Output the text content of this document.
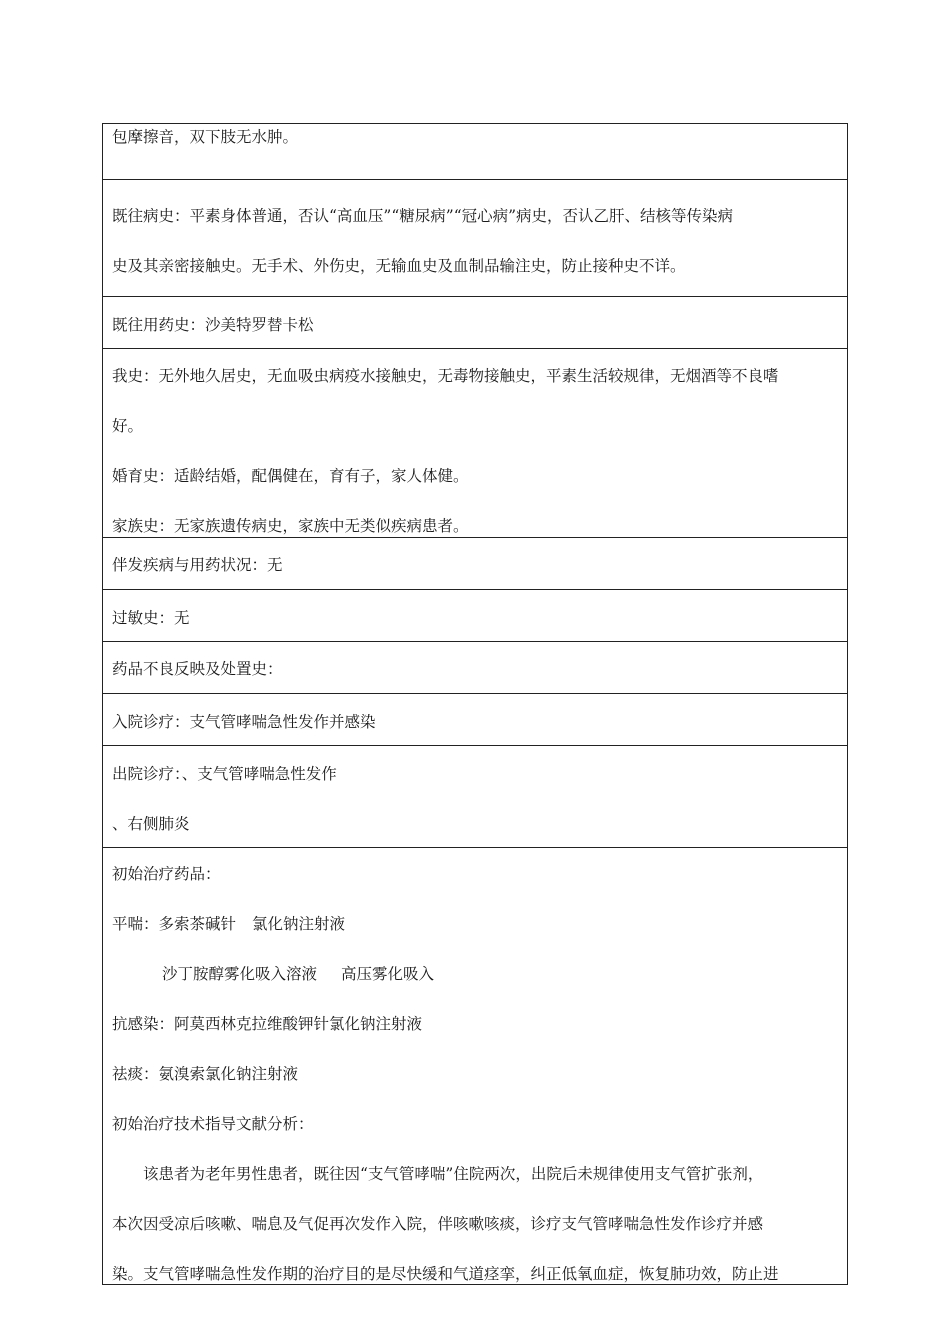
包摩擦音，双下肢无水肿。

既往病史：平素身体普通，否认“高血压”“糖尿病”“冠心病”病史，否认乙肝、结核等传染病
史及其亲密接触史。无手术、外伤史，无输血史及血制品输注史，防止接种史不详。

既往用药史：沙美特罗替卡松

我史：无外地久居史，无血吸虫病疫水接触史，无毒物接触史，平素生活较规律，无烟酒等不良嗜
好。
婚育史：适龄结婚，配偶健在，育有子，家人体健。
家族史：无家族遗传病史，家族中无类似疾病患者。

伴发疾病与用药状况：无

过敏史：无

药品不良反映及处置史：

入院诊疗：支气管哮喘急性发作并感染

出院诊疗：、支气管哮喘急性发作
、右侧肺炎

初始治疗药品：
平喘：多索茶碱针 氯化钠注射液
沙丁胺醇雾化吸入溶液 高压雾化吸入
抗感染：阿莫西林克拉维酸钾针氯化钠注射液
祛痰：氨溴索氯化钠注射液
初始治疗技术指导文献分析：
该患者为老年男性患者，既往因“支气管哮喘”住院两次，出院后未规律使用支气管扩张剂，
本次因受凉后咳嗽、喘息及气促再次发作入院，伴咳嗽咳痰，诊疗支气管哮喘急性发作诊疗并感
染。支气管哮喘急性发作期的治疗目的是尽快缓和气道痉挛，纠正低氧血症，恢复肺功效，防止进
